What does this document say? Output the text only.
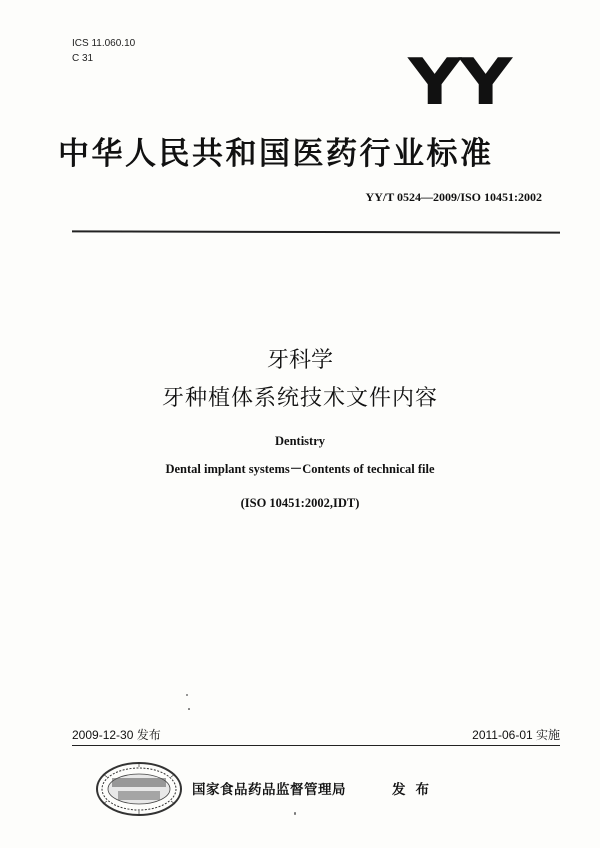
ICS 11.060.10
C 31	YY
中华人民共和国医药行业标准
YY/T 0524—2009/ISO 10451:2002
牙科学
牙种植体系统技术文件内容
Dentistry
Dental implant systems－Contents of technical file
(ISO 10451:2002,IDT)
2009-12-30 发布	2011-06-01 实施
国家食品药品监督管理局	发布
